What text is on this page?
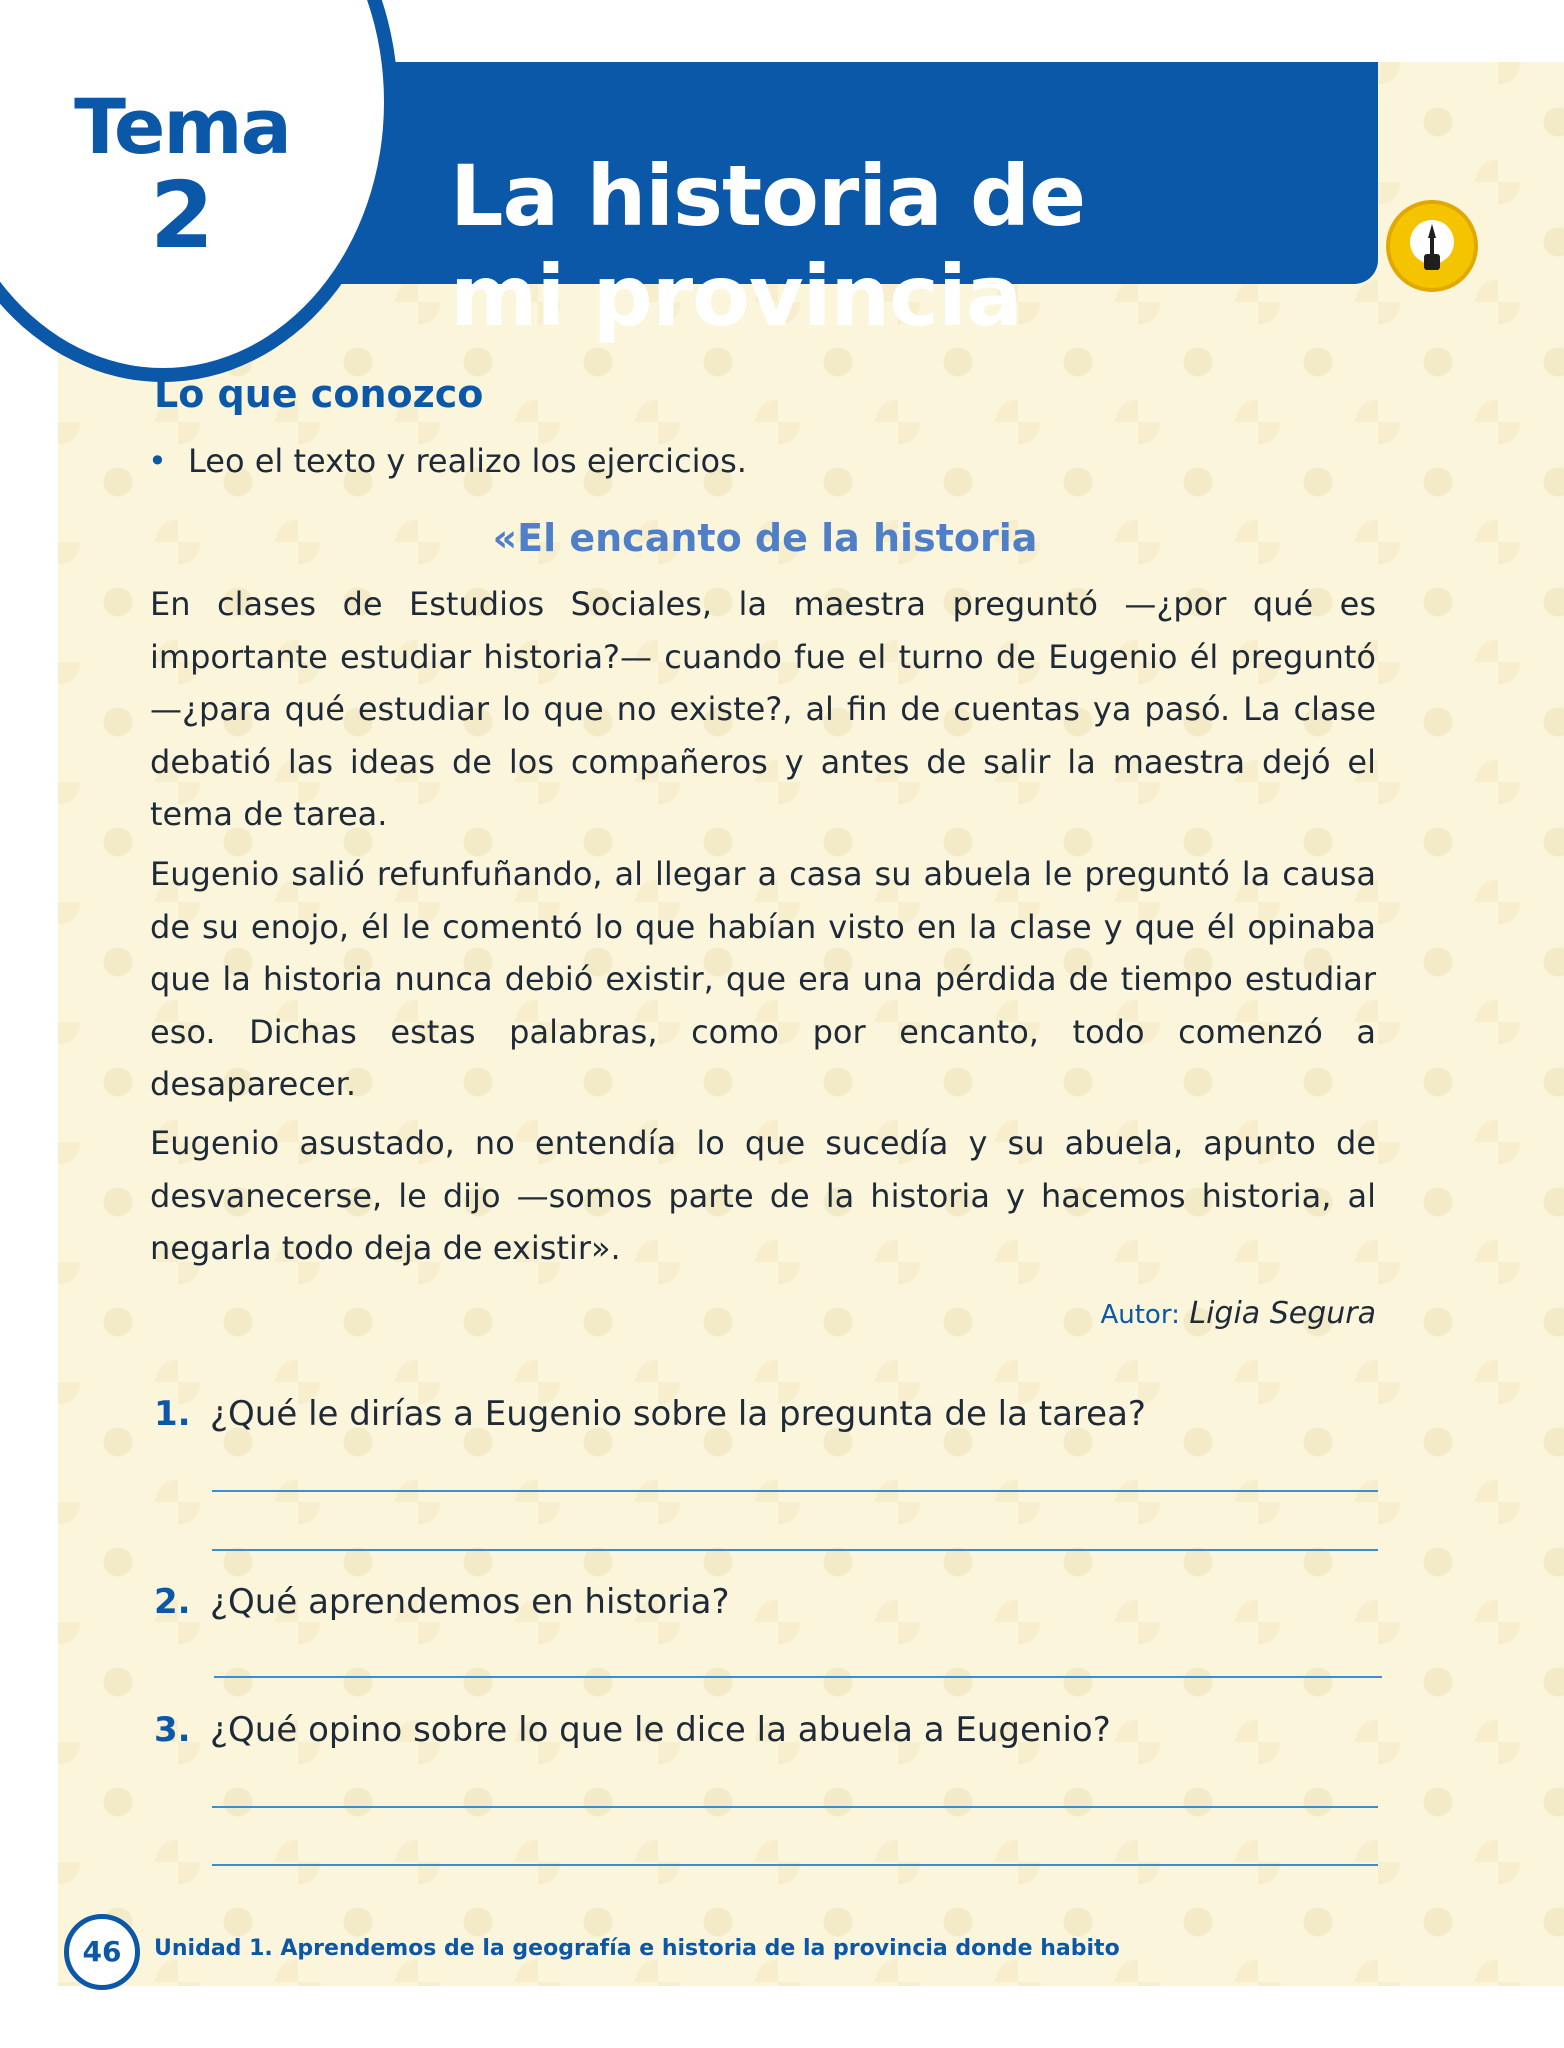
La historia de
mi provincia
Tema
2
Lo que conozco
• Leo el texto y realizo los ejercicios.
«El encanto de la historia

En clases de Estudios Sociales, la maestra preguntó —¿por qué es importante estudiar historia?— cuando fue el turno de Eugenio él preguntó —¿para qué estudiar lo que no existe?, al fin de cuentas ya pasó. La clase debatió las ideas de los compañeros y antes de salir la maestra dejó el tema de tarea.

Eugenio salió refunfuñando, al llegar a casa su abuela le preguntó la causa de su enojo, él le comentó lo que habían visto en la clase y que él opinaba que la historia nunca debió existir, que era una pérdida de tiempo estudiar eso. Dichas estas palabras, como por encanto, todo comenzó a desaparecer.

Eugenio asustado, no entendía lo que sucedía y su abuela, apunto de desvanecerse, le dijo —somos parte de la historia y hacemos historia, al negarla todo deja de existir».

Autor: Ligia Segura
1. ¿Qué le dirías a Eugenio sobre la pregunta de la tarea?
2. ¿Qué aprendemos en historia?
3. ¿Qué opino sobre lo que le dice la abuela a Eugenio?
46	Unidad 1. Aprendemos de la geografía e historia de la provincia donde habito
